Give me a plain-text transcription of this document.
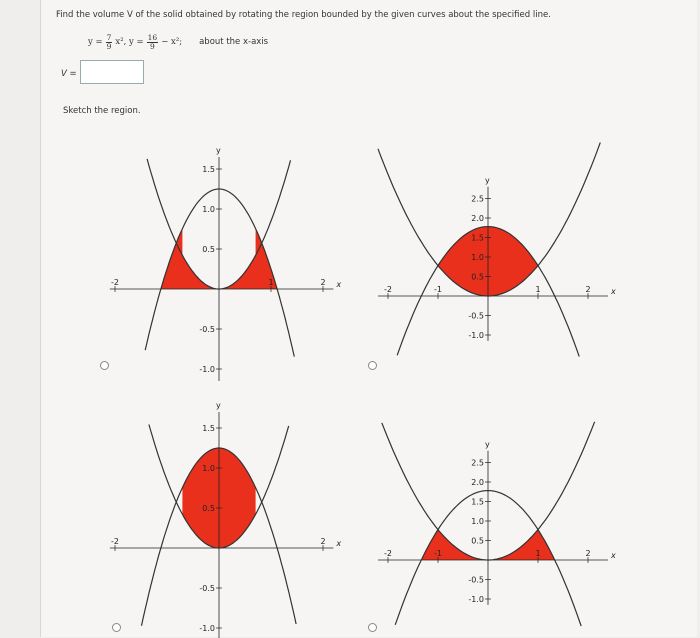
Find the volume V of the solid obtained by rotating the region bounded by the given curves about the specified line.
$y = \frac{7}{9} x^2$, $y = \frac{16}{9} - x^2$; about the x-axis
V =
Sketch the region.
-2	1	2
1.5
1.0
0.5
-0.5
-1.0
y
x
-2	-1	1	2
2.5
2.0
1.5
1.0
0.5
-0.5
-1.0
y
x
-2	2
1.5
1.0
0.5
-0.5
-1.0
y
x
-2	-1	1	2
2.5
2.0
1.5
1.0
0.5
-0.5
-1.0
y
x
